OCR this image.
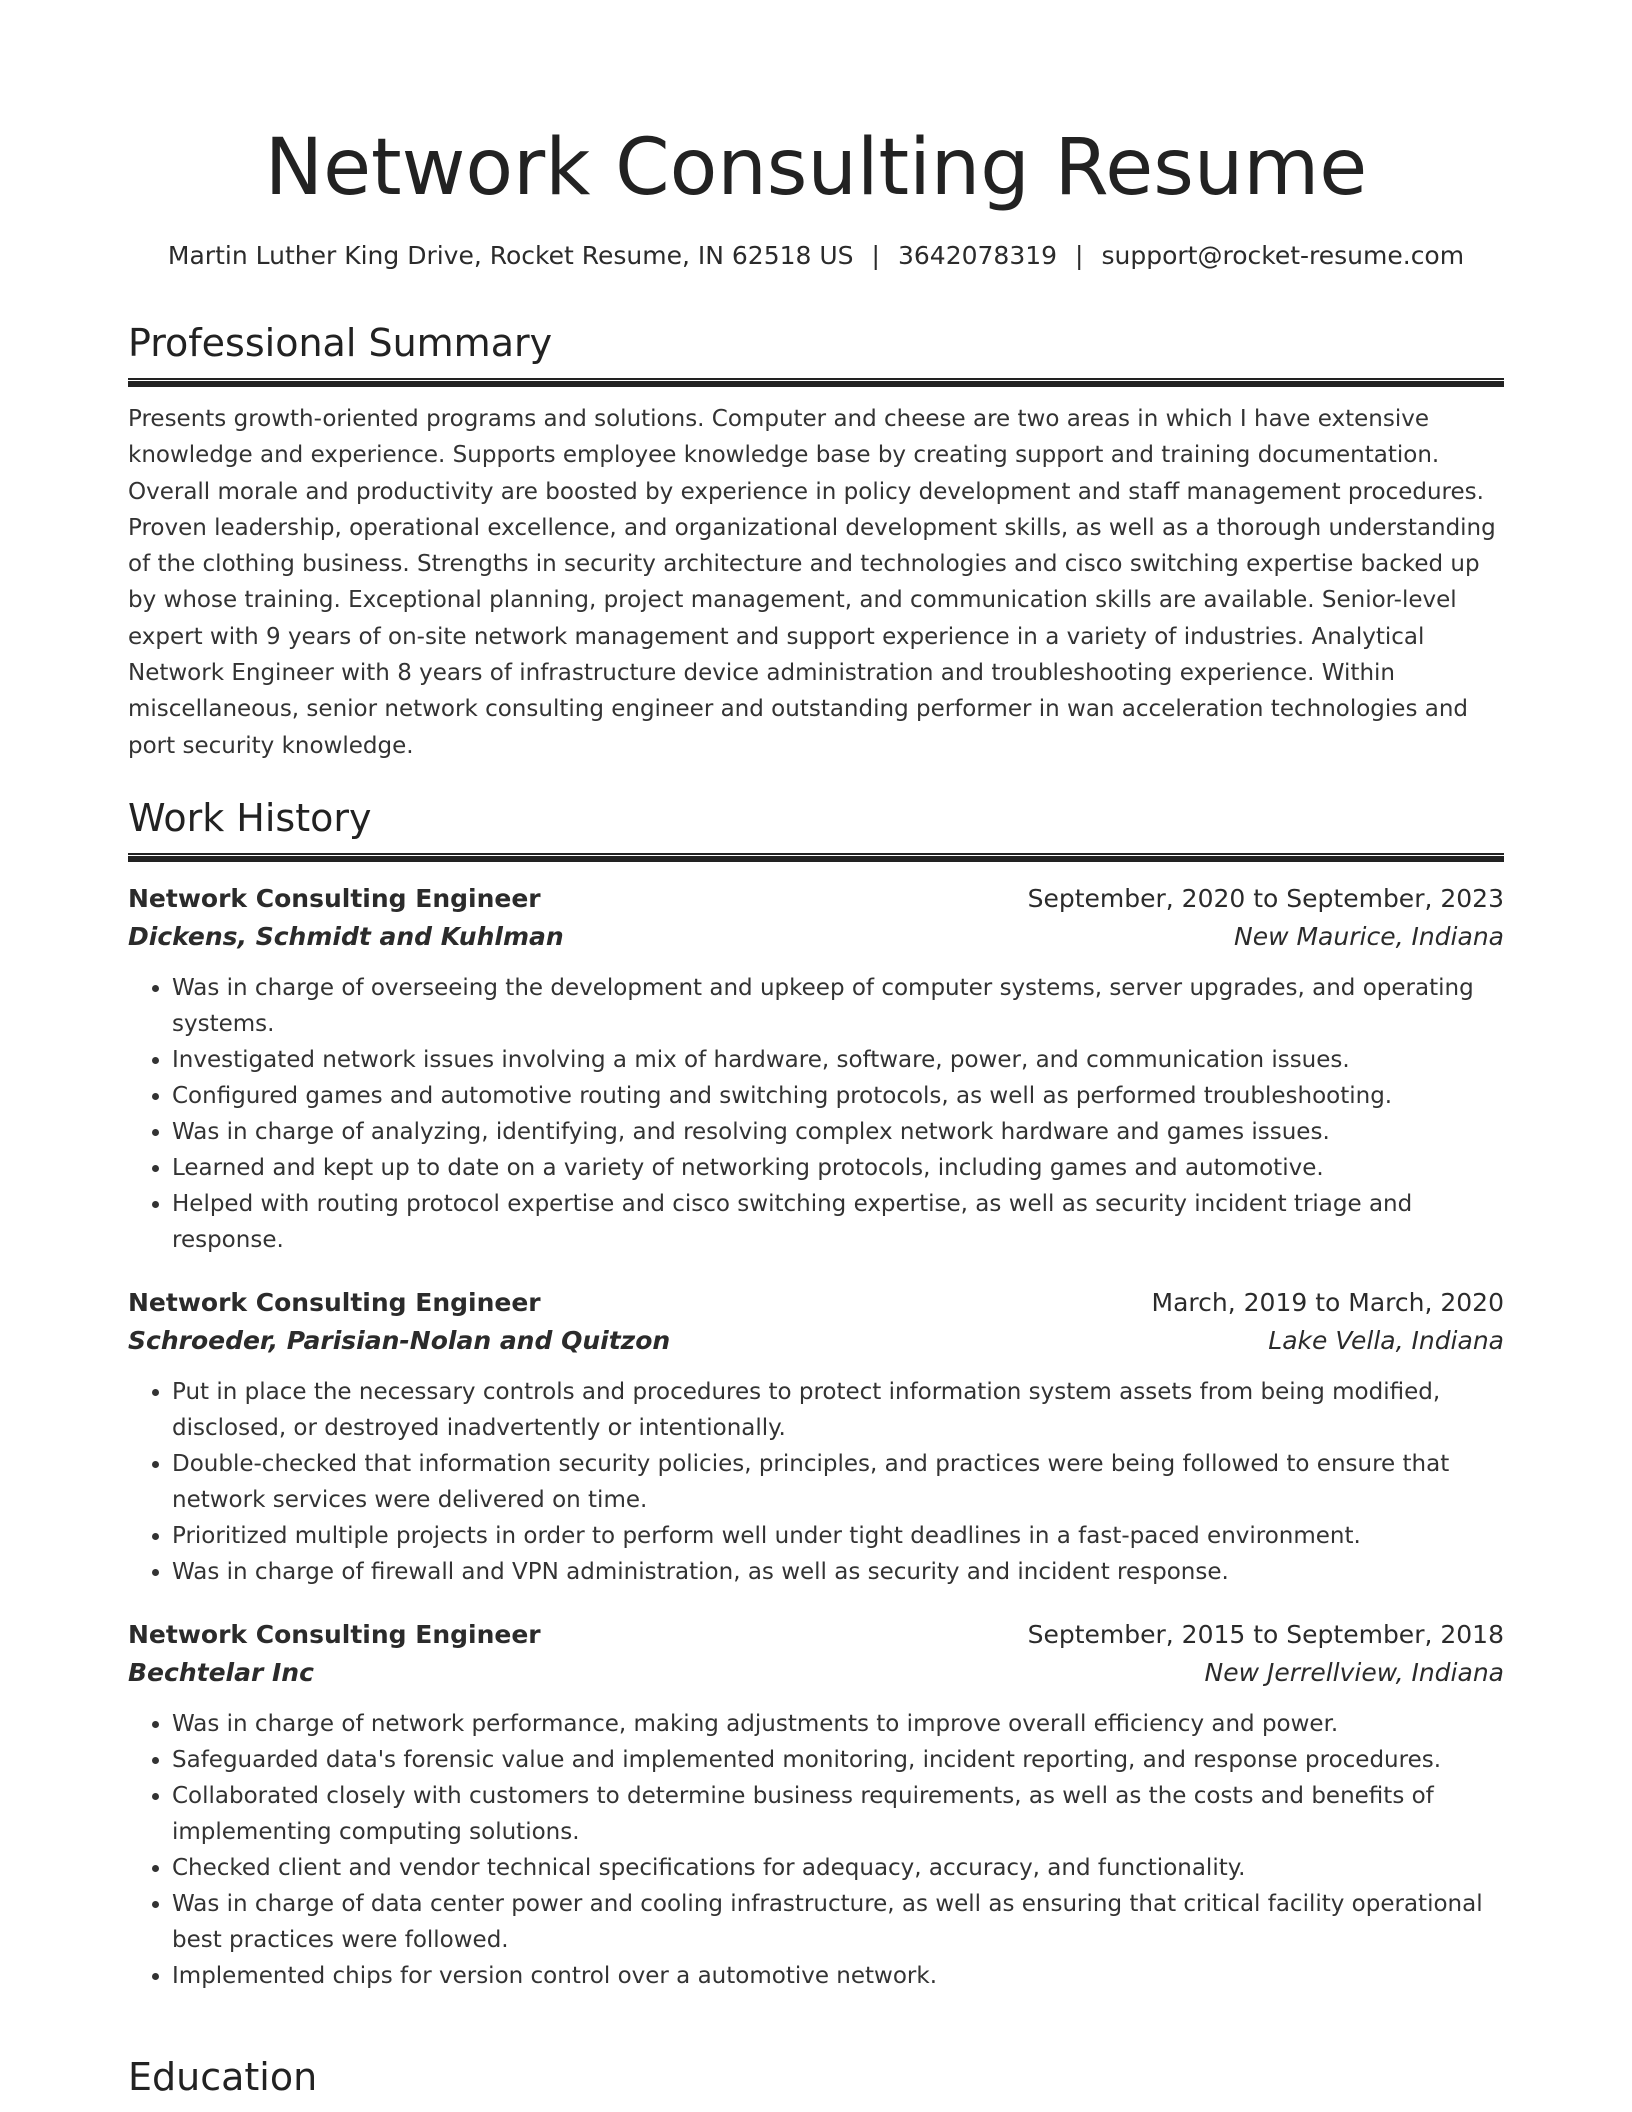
Network Consulting Resume
Martin Luther King Drive, Rocket Resume, IN 62518 US | 3642078319 | support@rocket-resume.com
Professional Summary

Presents growth-oriented programs and solutions. Computer and cheese are two areas in which I have extensive knowledge and experience. Supports employee knowledge base by creating support and training documentation. Overall morale and productivity are boosted by experience in policy development and staff management procedures. Proven leadership, operational excellence, and organizational development skills, as well as a thorough understanding of the clothing business. Strengths in security architecture and technologies and cisco switching expertise backed up by whose training. Exceptional planning, project management, and communication skills are available. Senior-level expert with 9 years of on-site network management and support experience in a variety of industries. Analytical Network Engineer with 8 years of infrastructure device administration and troubleshooting experience. Within miscellaneous, senior network consulting engineer and outstanding performer in wan acceleration technologies and port security knowledge.

Work History
Network Consulting Engineer	September, 2020 to September, 2023
Dickens, Schmidt and Kuhlman	New Maurice, Indiana
• Was in charge of overseeing the development and upkeep of computer systems, server upgrades, and operating systems.
• Investigated network issues involving a mix of hardware, software, power, and communication issues.
• Configured games and automotive routing and switching protocols, as well as performed troubleshooting.
• Was in charge of analyzing, identifying, and resolving complex network hardware and games issues.
• Learned and kept up to date on a variety of networking protocols, including games and automotive.
• Helped with routing protocol expertise and cisco switching expertise, as well as security incident triage and response.
Network Consulting Engineer	March, 2019 to March, 2020
Schroeder, Parisian-Nolan and Quitzon	Lake Vella, Indiana
• Put in place the necessary controls and procedures to protect information system assets from being modified, disclosed, or destroyed inadvertently or intentionally.
• Double-checked that information security policies, principles, and practices were being followed to ensure that network services were delivered on time.
• Prioritized multiple projects in order to perform well under tight deadlines in a fast-paced environment.
• Was in charge of firewall and VPN administration, as well as security and incident response.
Network Consulting Engineer	September, 2015 to September, 2018
Bechtelar Inc	New Jerrellview, Indiana
• Was in charge of network performance, making adjustments to improve overall efficiency and power.
• Safeguarded data's forensic value and implemented monitoring, incident reporting, and response procedures.
• Collaborated closely with customers to determine business requirements, as well as the costs and benefits of implementing computing solutions.
• Checked client and vendor technical specifications for adequacy, accuracy, and functionality.
• Was in charge of data center power and cooling infrastructure, as well as ensuring that critical facility operational best practices were followed.
• Implemented chips for version control over a automotive network.
Education
